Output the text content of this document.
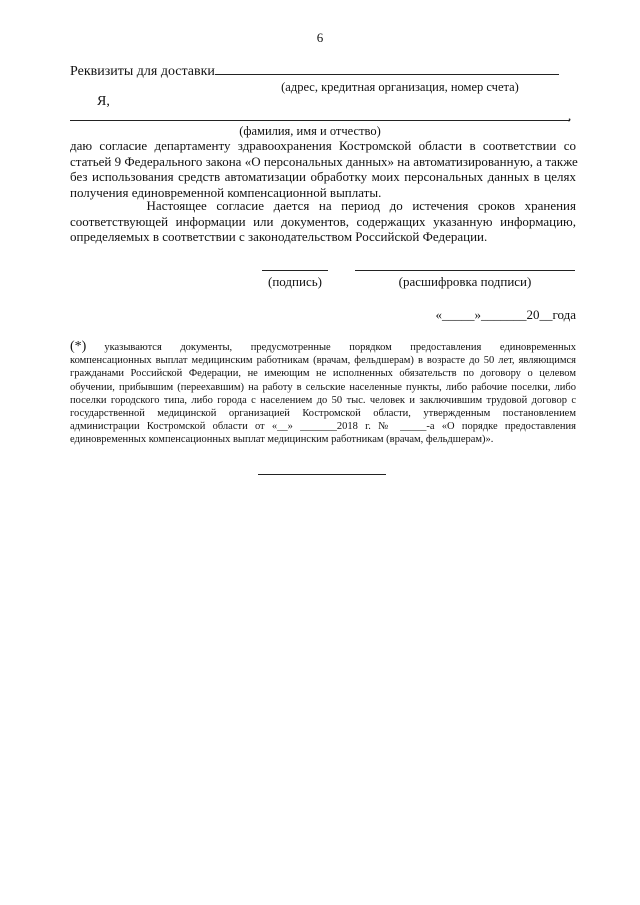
6
Реквизиты для доставки
(адрес, кредитная организация, номер счета)
Я,
,
(фамилия, имя и отчество)
даю согласие департаменту здравоохранения Костромской области в соответствии со
статьей 9 Федерального закона «О персональных данных» на автоматизированную, а также
без использования средств автоматизации обработку моих персональных данных в целях
получения единовременной компенсационной выплаты.
Настоящее согласие дается на период до истечения сроков хранения
соответствующей информации или документов, содержащих указанную информацию,
определяемых в соответствии с законодательством Российской Федерации.
(подпись)	(расшифровка подписи)
«_____»_______20__года
(*) указываются документы, предусмотренные порядком предоставления единовременных
компенсационных выплат медицинским работникам (врачам, фельдшерам) в возрасте до 50 лет, являющимся
гражданами Российской Федерации, не имеющим не исполненных обязательств по договору о целевом
обучении, прибывшим (переехавшим) на работу в сельские населенные пункты, либо рабочие поселки, либо
поселки городского типа, либо города с населением до 50 тыс. человек и заключившим трудовой договор с
государственной медицинской организацией Костромской области, утвержденным постановлением
администрации Костромской области от «__» _______2018 г. № _____-а «О порядке предоставления
единовременных компенсационных выплат медицинским работникам (врачам, фельдшерам)».
